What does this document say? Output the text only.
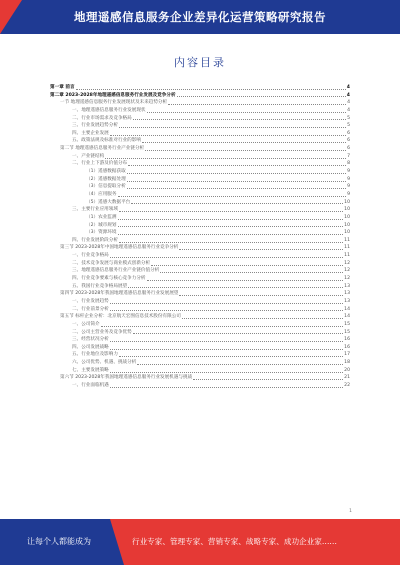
地理遥感信息服务企业差异化运营策略研究报告
内容目录
第一章 前言	4
第二章 2023-2028年地理遥感信息服务行业发展及竞争分析	4
一节 地理遥感信息服务行业发展现状及未来趋势分析	4
一、地理遥感信息服务行业发展现状	4
二、行业市场需求及竞争格局	5
三、行业发展趋势分析	5
四、主要企业发展	6
五、政策法规及标准对行业的影响	6
第二节 地理遥感信息服务行业产业链分析	6
一、产业链结构	7
二、行业上下游及价值分布	8
（1）遥感数据获取	9
（2）遥感数据处理	9
（3）信息提取分析	9
（4）应用服务	9
（5）遥感大数据平台	10
三、主要行业应用领域	10
（1）农业监测	10
（2）城市规划	10
（3）资源环境	10
四、行业发展阶段分析	11
第三节 2023-2028年中国地理遥感信息服务行业竞争分析	11
一、行业竞争格局	11
二、技术竞争发展与商业模式创新分析	12
三、地理遥感信息服务行业产业链价值分析	12
四、行业竞争要素与核心竞争力分析	12
五、我国行业竞争格局展望	13
第四节 2023-2028年我国地理遥感信息服务行业发展展望	13
一、行业发展趋势	13
二、行业前景分析	14
第五节 标杆企业分析：北京航天宏图信息技术股份有限公司	14
一、公司简介	15
二、公司主营业务及竞争优势	15
三、经营状况分析	16
四、公司发展战略	16
五、行业地位及影响力	17
六、公司优势、机遇、挑战分析	18
七、主要发展策略	20
第六节 2023-2028年我国地理遥感信息服务行业发展机遇与挑战	21
一、行业面临机遇	22
1
让每个人都能成为	行业专家、管理专家、营销专家、战略专家、成功企业家……
